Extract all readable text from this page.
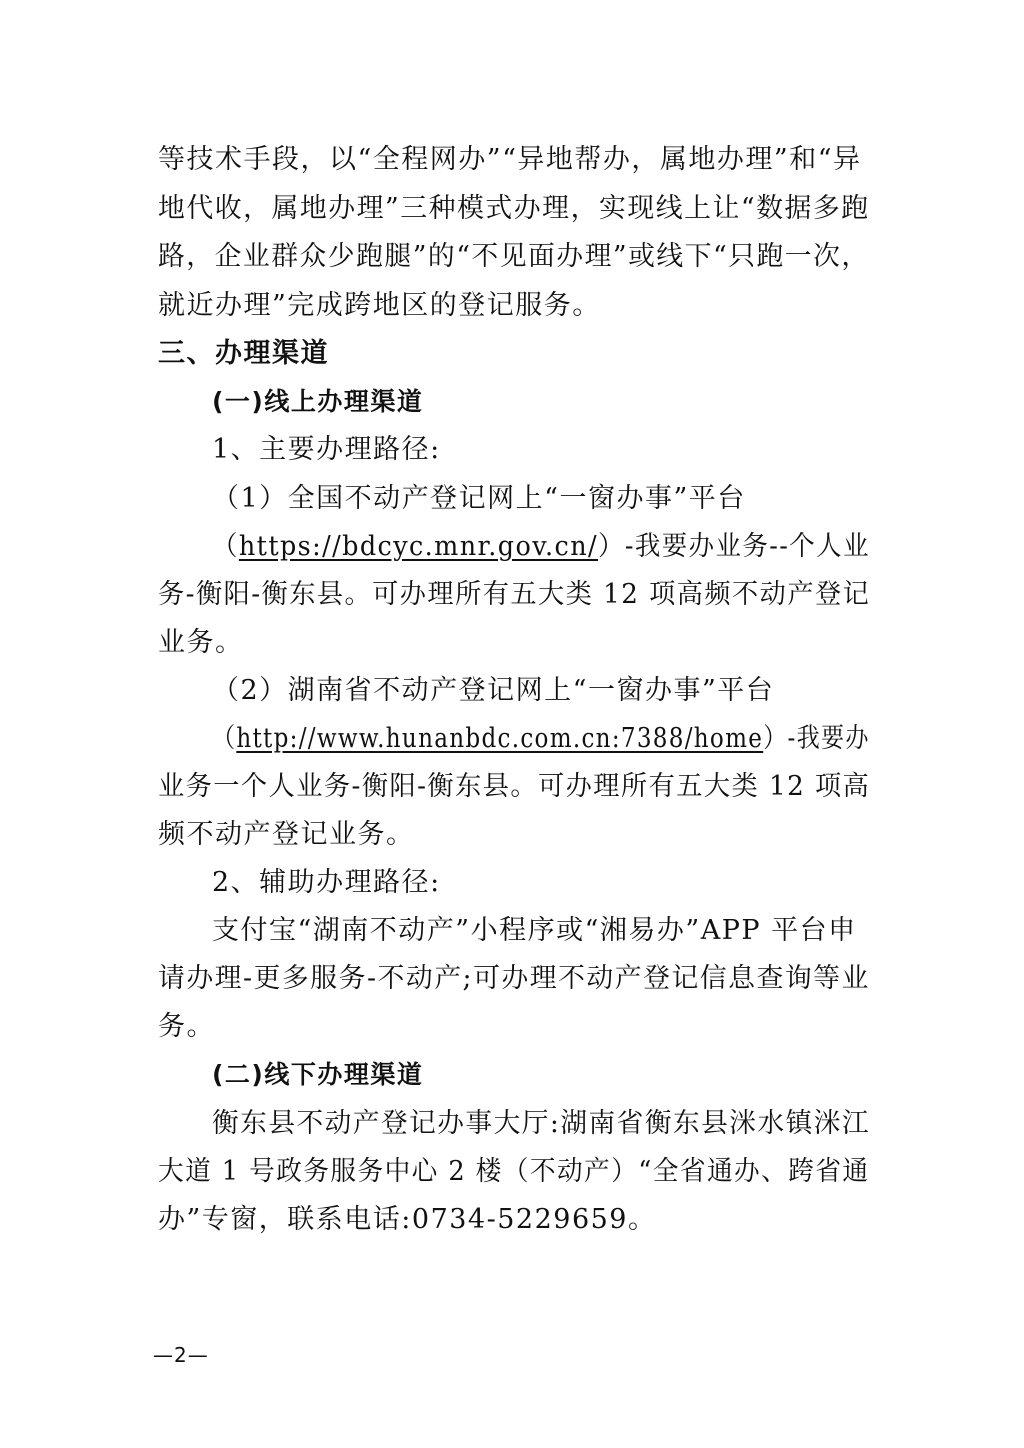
等技术手段，以“全程网办”“异地帮办，属地办理”和“异
地代收，属地办理”三种模式办理，实现线上让“数据多跑
路，企业群众少跑腿”的“不见面办理”或线下“只跑一次，
就近办理”完成跨地区的登记服务。
三、办理渠道
(一)线上办理渠道
1、主要办理路径:
（1）全国不动产登记网上“一窗办事”平台
（https://bdcyc.mnr.gov.cn/）-我要办业务--个人业
务-衡阳-衡东县。可办理所有五大类 12 项高频不动产登记
业务。
（2）湖南省不动产登记网上“一窗办事”平台
（http://www.hunanbdc.com.cn:7388/home）-我要办
业务一个人业务-衡阳-衡东县。可办理所有五大类 12 项高
频不动产登记业务。
2、辅助办理路径:
支付宝“湖南不动产”小程序或“湘易办”APP 平台申
请办理-更多服务-不动产;可办理不动产登记信息查询等业
务。
(二)线下办理渠道
衡东县不动产登记办事大厅:湖南省衡东县洣水镇洣江
大道 1 号政务服务中心 2 楼（不动产）“全省通办、跨省通
办”专窗，联系电话:0734-5229659。
—2—
